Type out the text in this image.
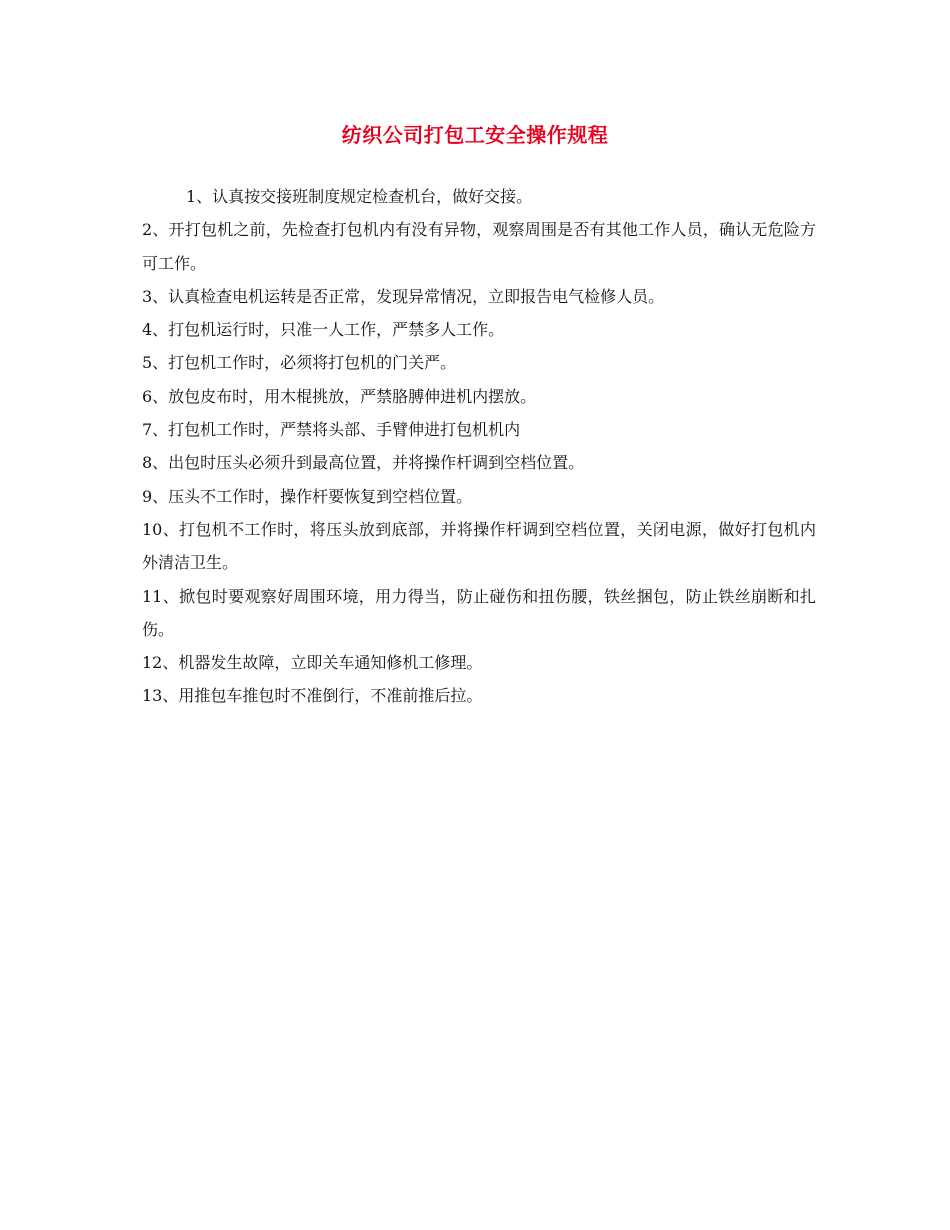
纺织公司打包工安全操作规程

1、认真按交接班制度规定检查机台，做好交接。

2、开打包机之前，先检查打包机内有没有异物，观察周围是否有其他工作人员，确认无危险方可工作。

3、认真检查电机运转是否正常，发现异常情况，立即报告电气检修人员。

4、打包机运行时，只准一人工作，严禁多人工作。

5、打包机工作时，必须将打包机的门关严。

6、放包皮布时，用木棍挑放，严禁胳膊伸进机内摆放。

7、打包机工作时，严禁将头部、手臂伸进打包机机内

8、出包时压头必须升到最高位置，并将操作杆调到空档位置。

9、压头不工作时，操作杆要恢复到空档位置。

10、打包机不工作时，将压头放到底部，并将操作杆调到空档位置，关闭电源，做好打包机内外清洁卫生。

11、掀包时要观察好周围环境，用力得当，防止碰伤和扭伤腰，铁丝捆包，防止铁丝崩断和扎伤。

12、机器发生故障，立即关车通知修机工修理。

13、用推包车推包时不准倒行，不准前推后拉。
